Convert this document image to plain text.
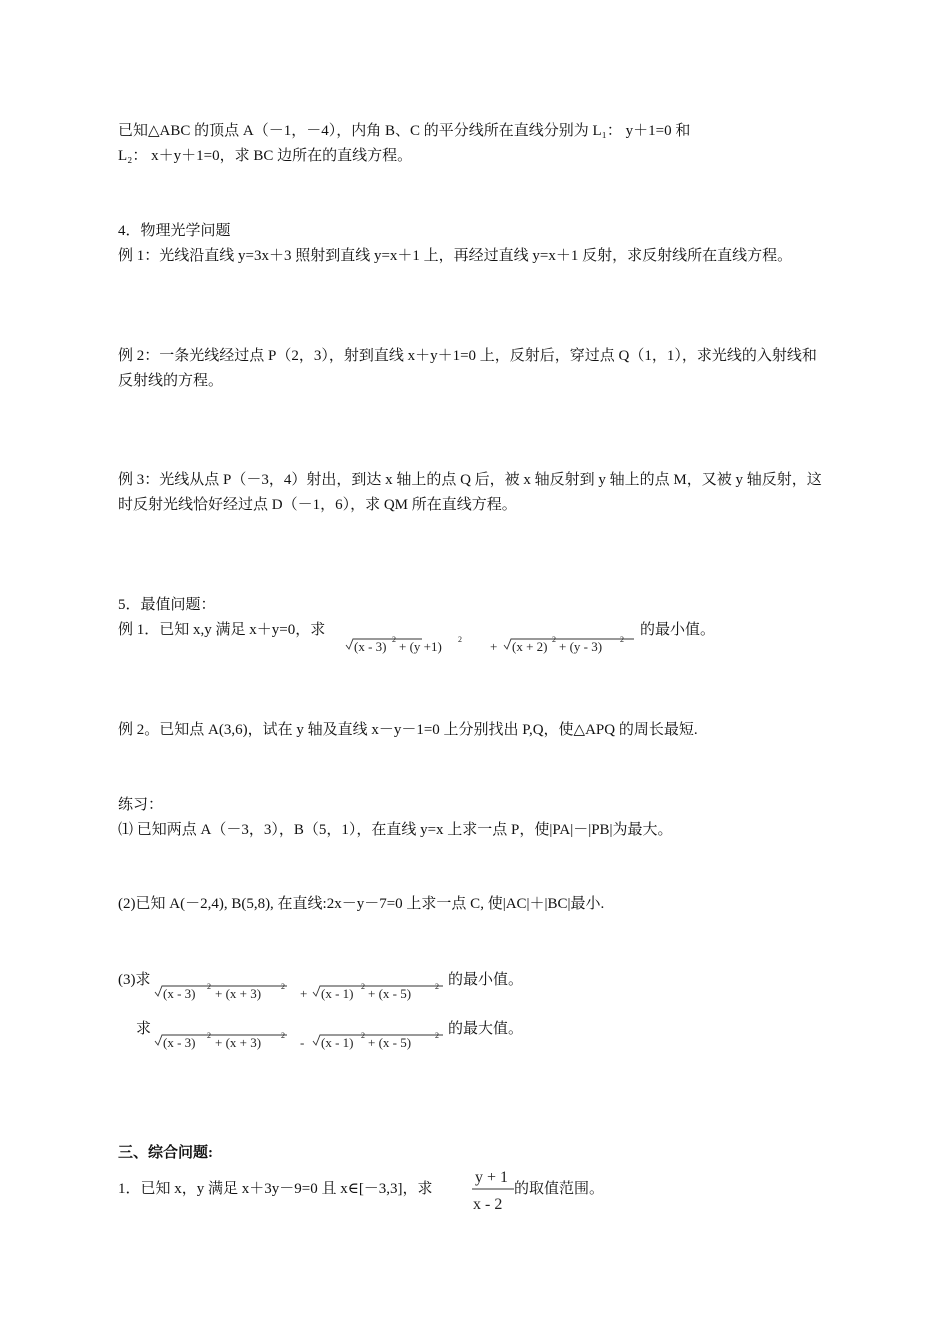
已知△ABC 的顶点 A（－1，－4），内角 B、C 的平分线所在直线分别为 L₁： y＋1=0 和
L₂： x＋y＋1=0，求 BC 边所在的直线方程。
4．物理光学问题
例 1：光线沿直线 y=3x＋3 照射到直线 y=x＋1 上，再经过直线 y=x＋1 反射，求反射线所在直线方程。
例 2：一条光线经过点 P（2，3），射到直线 x＋y＋1=0 上，反射后，穿过点 Q（1，1），求光线的入射线和
反射线的方程。
例 3：光线从点 P（－3，4）射出，到达 x 轴上的点 Q 后，被 x 轴反射到 y 轴上的点 M，又被 y 轴反射，这
时反射光线恰好经过点 D（－1，6），求 QM 所在直线方程。
5．最值问题：
例 1．已知 x,y 满足 x＋y=0，求
(x - 3) 2 + (y +1) 2 + (x + 2) 2 + (y - 3) 2
的最小值。
例 2。已知点 A(3,6)，试在 y 轴及直线 x－y－1=0 上分别找出 P,Q，使△APQ 的周长最短.
练习：
⑴ 已知两点 A（－3，3），B（5，1），在直线 y=x 上求一点 P，使|PA|－|PB|为最大。
(2)已知 A(－2,4), B(5,8), 在直线:2x－y－7=0 上求一点 C, 使|AC|＋|BC|最小.
(3)求
(x - 3) 2 + (x + 3) 2 + (x - 1) 2 + (x - 5)	2 的最小值。
求
(x - 3) 2 + (x + 3) 2 - (x - 1) 2 + (x - 5)	2 的最大值。
三、综合问题:
1．已知 x，y 满足 x＋3y－9=0 且 x∈[－3,3]，求
y + 1
x - 2
的取值范围。
